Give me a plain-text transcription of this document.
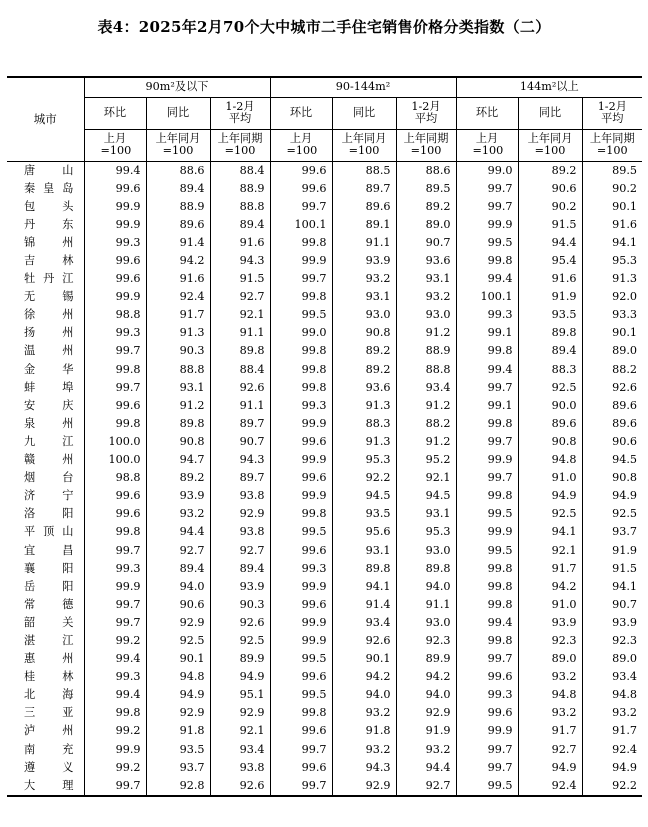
表4：2025年2月70个大中城市二手住宅销售价格分类指数（二）
城市	90m²及以下			90-144m²			144m²以上		
	环比	同比	1-2月平均	环比	同比	1-2月平均	环比	同比	1-2月平均
	上月=100	上年同月=100	上年同期=100	上月=100	上年同月=100	上年同期=100	上月=100	上年同月=100	上年同期=100
唐山	99.4	88.6	88.4	99.6	88.5	88.6	99.0	89.2	89.5
秦皇岛	99.6	89.4	88.9	99.6	89.7	89.5	99.7	90.6	90.2
包头	99.9	88.9	88.8	99.7	89.6	89.2	99.7	90.2	90.1
丹东	99.9	89.6	89.4	100.1	89.1	89.0	99.9	91.5	91.6
锦州	99.3	91.4	91.6	99.8	91.1	90.7	99.5	94.4	94.1
吉林	99.6	94.2	94.3	99.9	93.9	93.6	99.8	95.4	95.3
牡丹江	99.6	91.6	91.5	99.7	93.2	93.1	99.4	91.6	91.3
无锡	99.9	92.4	92.7	99.8	93.1	93.2	100.1	91.9	92.0
徐州	98.8	91.7	92.1	99.5	93.0	93.0	99.3	93.5	93.3
扬州	99.3	91.3	91.1	99.0	90.8	91.2	99.1	89.8	90.1
温州	99.7	90.3	89.8	99.8	89.2	88.9	99.8	89.4	89.0
金华	99.8	88.8	88.4	99.8	89.2	88.8	99.4	88.3	88.2
蚌埠	99.7	93.1	92.6	99.8	93.6	93.4	99.7	92.5	92.6
安庆	99.6	91.2	91.1	99.3	91.3	91.2	99.1	90.0	89.6
泉州	99.8	89.8	89.7	99.9	88.3	88.2	99.8	89.6	89.6
九江	100.0	90.8	90.7	99.6	91.3	91.2	99.7	90.8	90.6
赣州	100.0	94.7	94.3	99.9	95.3	95.2	99.9	94.8	94.5
烟台	98.8	89.2	89.7	99.6	92.2	92.1	99.7	91.0	90.8
济宁	99.6	93.9	93.8	99.9	94.5	94.5	99.8	94.9	94.9
洛阳	99.6	93.2	92.9	99.8	93.5	93.1	99.5	92.5	92.5
平顶山	99.8	94.4	93.8	99.5	95.6	95.3	99.9	94.1	93.7
宜昌	99.7	92.7	92.7	99.6	93.1	93.0	99.5	92.1	91.9
襄阳	99.3	89.4	89.4	99.3	89.8	89.8	99.8	91.7	91.5
岳阳	99.9	94.0	93.9	99.9	94.1	94.0	99.8	94.2	94.1
常德	99.7	90.6	90.3	99.6	91.4	91.1	99.8	91.0	90.7
韶关	99.7	92.9	92.6	99.9	93.4	93.0	99.4	93.9	93.9
湛江	99.2	92.5	92.5	99.9	92.6	92.3	99.8	92.3	92.3
惠州	99.4	90.1	89.9	99.5	90.1	89.9	99.7	89.0	89.0
桂林	99.3	94.8	94.9	99.6	94.2	94.2	99.6	93.2	93.4
北海	99.4	94.9	95.1	99.5	94.0	94.0	99.3	94.8	94.8
三亚	99.8	92.9	92.9	99.8	93.2	92.9	99.6	93.2	93.2
泸州	99.2	91.8	92.1	99.6	91.8	91.9	99.9	91.7	91.7
南充	99.9	93.5	93.4	99.7	93.2	93.2	99.7	92.7	92.4
遵义	99.2	93.7	93.8	99.6	94.3	94.4	99.7	94.9	94.9
大理	99.7	92.8	92.6	99.7	92.9	92.7	99.5	92.4	92.2
